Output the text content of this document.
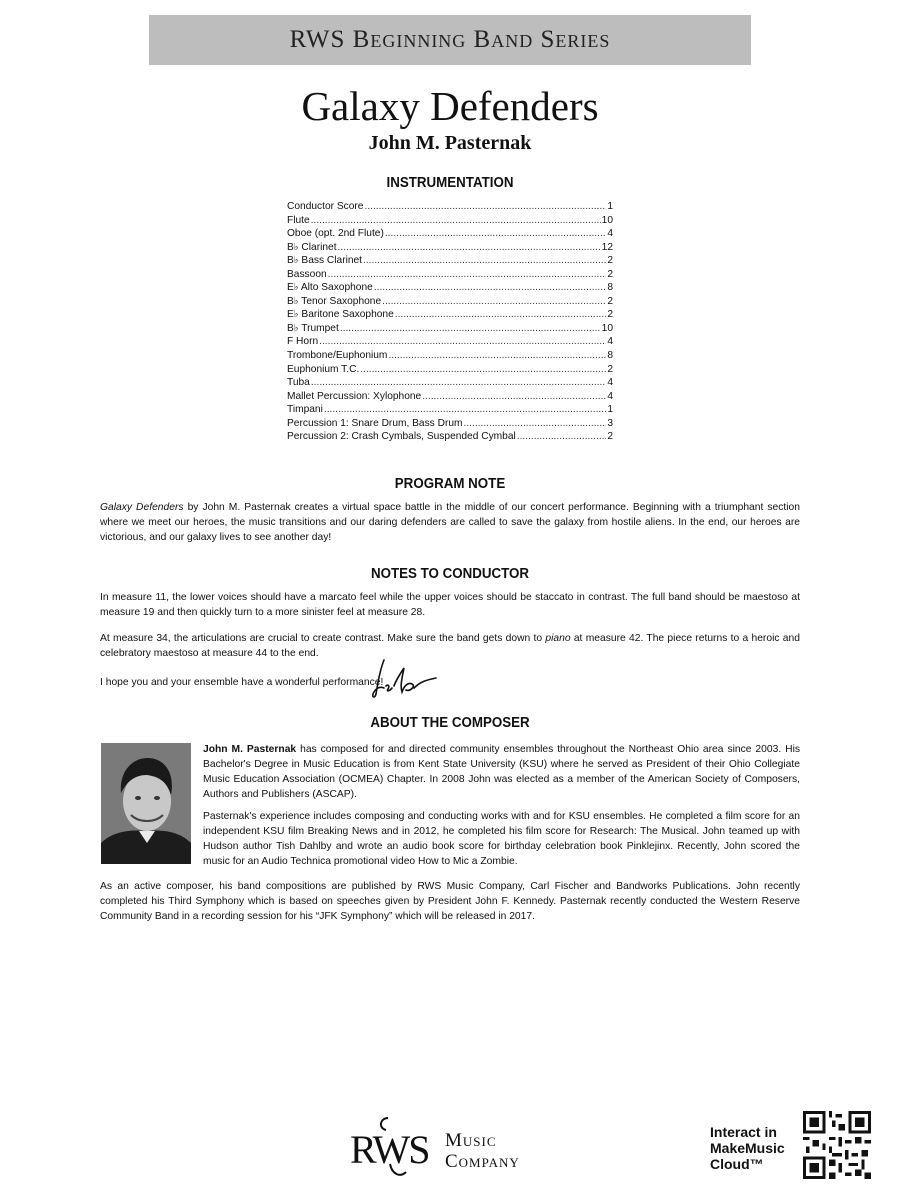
RWS Beginning Band Series
Galaxy Defenders
John M. Pasternak
INSTRUMENTATION
Conductor Score .....	1
Flute .....	10
Oboe (opt. 2nd Flute) .....	4
B♭ Clarinet .....	12
B♭ Bass Clarinet .....	2
Bassoon .....	2
E♭ Alto Saxophone .....	8
B♭ Tenor Saxophone .....	2
E♭ Baritone Saxophone .....	2
B♭ Trumpet .....	10
F Horn .....	4
Trombone/Euphonium .....	8
Euphonium T.C. .....	2
Tuba .....	4
Mallet Percussion: Xylophone .....	4
Timpani .....	1
Percussion 1: Snare Drum, Bass Drum .....	3
Percussion 2: Crash Cymbals, Suspended Cymbal .....	2
PROGRAM NOTE
Galaxy Defenders by John M. Pasternak creates a virtual space battle in the middle of our concert performance. Beginning with a triumphant section where we meet our heroes, the music transitions and our daring defenders are called to save the galaxy from hostile aliens. In the end, our heroes are victorious, and our galaxy lives to see another day!
NOTES TO CONDUCTOR
In measure 11, the lower voices should have a marcato feel while the upper voices should be staccato in contrast. The full band should be maestoso at measure 19 and then quickly turn to a more sinister feel at measure 28.
At measure 34, the articulations are crucial to create contrast. Make sure the band gets down to piano at measure 42. The piece returns to a heroic and celebratory maestoso at measure 44 to the end.
I hope you and your ensemble have a wonderful performance!
ABOUT THE COMPOSER
John M. Pasternak has composed for and directed community ensembles throughout the Northeast Ohio area since 2003. His Bachelor's Degree in Music Education is from Kent State University (KSU) where he served as President of their Ohio Collegiate Music Education Association (OCMEA) Chapter. In 2008 John was elected as a member of the American Society of Composers, Authors and Publishers (ASCAP).
Pasternak's experience includes composing and conducting works with and for KSU ensembles. He completed a film score for an independent KSU film Breaking News and in 2012, he completed his film score for Research: The Musical. John teamed up with Hudson author Tish Dahlby and wrote an audio book score for birthday celebration book Pinklejinx. Recently, John scored the music for an Audio Technica promotional video How to Mic a Zombie.
As an active composer, his band compositions are published by RWS Music Company, Carl Fischer and Bandworks Publications. John recently completed his Third Symphony which is based on speeches given by President John F. Kennedy. Pasternak recently conducted the Western Reserve Community Band in a recording session for his “JFK Symphony” which will be released in 2017.
RWS Music
Company
Interact in
MakeMusic
Cloud™
